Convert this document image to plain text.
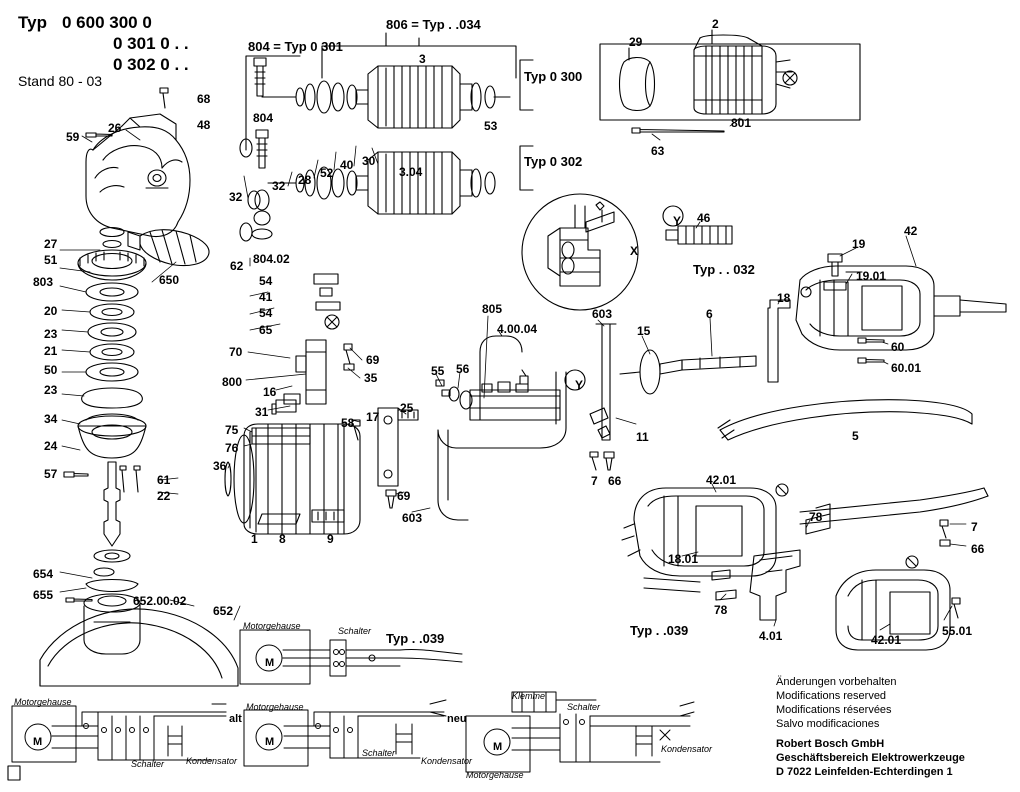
Typ 0 600 300 0
0 301 0 . .
0 302 0 . .
Stand 80 - 03
806 = Typ . .034
804 = Typ 0 301
Typ 0 300
Typ 0 302
Typ . . 032
Typ . .039
Typ . .039
2
3
29
68
48	801
63
53
3.04
59
26
804
32
32 28 52
40 30
62 804.02
27
51
803	650
20
23
21
50
23
34
24
57	61
22
654
655	652.00.02
652
54
41
54
65
70
800
16
31
75
76
36
69
35
58 17
25
69
603
1 8	9
805
4.00.04
55 56
603
15
6
18
11
7 66
5
46
19
42
19.01
60
60.01
42.01
78
7
66
18.01
78
4.01	42.01
55.01
X
Y
Y
Motorgehause	Schalter
M
Motorgehause
alt
Schalter Kondensator
M
Motorgehause
neu
Schalter
Kondensator
M
Klemme
Schalter
Kondensator
Motorgehause
M
Änderungen vorbehalten
Modifications reserved
Modifications réservées
Salvo modificaciones
Robert Bosch GmbH
Geschäftsbereich Elektrowerkzeuge
D 7022 Leinfelden-Echterdingen 1
